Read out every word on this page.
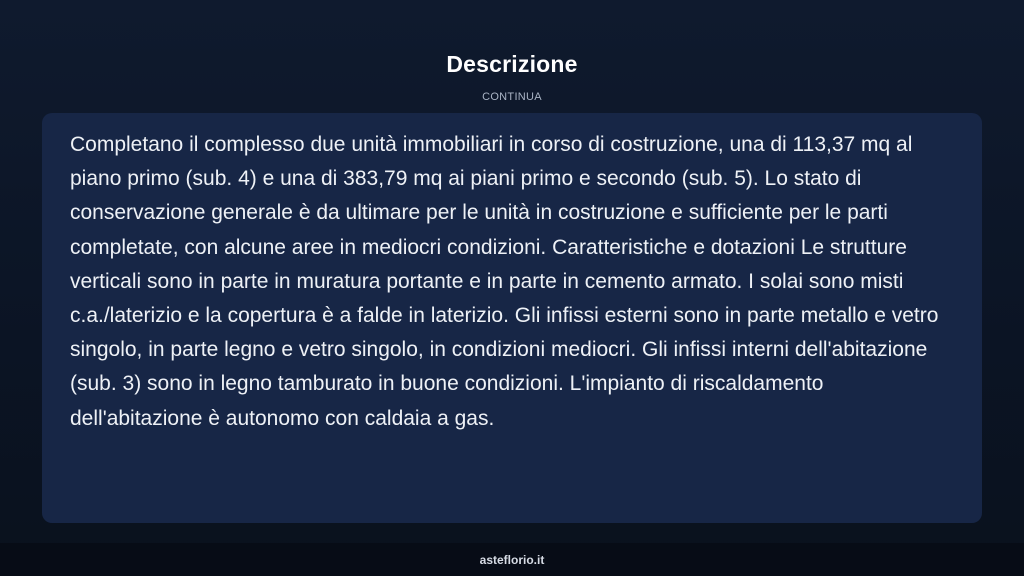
Descrizione
CONTINUA

Completano il complesso due unità immobiliari in corso di costruzione, una di 113,37 mq al piano primo (sub. 4) e una di 383,79 mq ai piani primo e secondo (sub. 5). Lo stato di conservazione generale è da ultimare per le unità in costruzione e sufficiente per le parti completate, con alcune aree in mediocri condizioni. Caratteristiche e dotazioni Le strutture verticali sono in parte in muratura portante e in parte in cemento armato. I solai sono misti c.a./laterizio e la copertura è a falde in laterizio. Gli infissi esterni sono in parte metallo e vetro singolo, in parte legno e vetro singolo, in condizioni mediocri. Gli infissi interni dell'abitazione (sub. 3) sono in legno tamburato in buone condizioni. L'impianto di riscaldamento dell'abitazione è autonomo con caldaia a gas.

asteflorio.it
